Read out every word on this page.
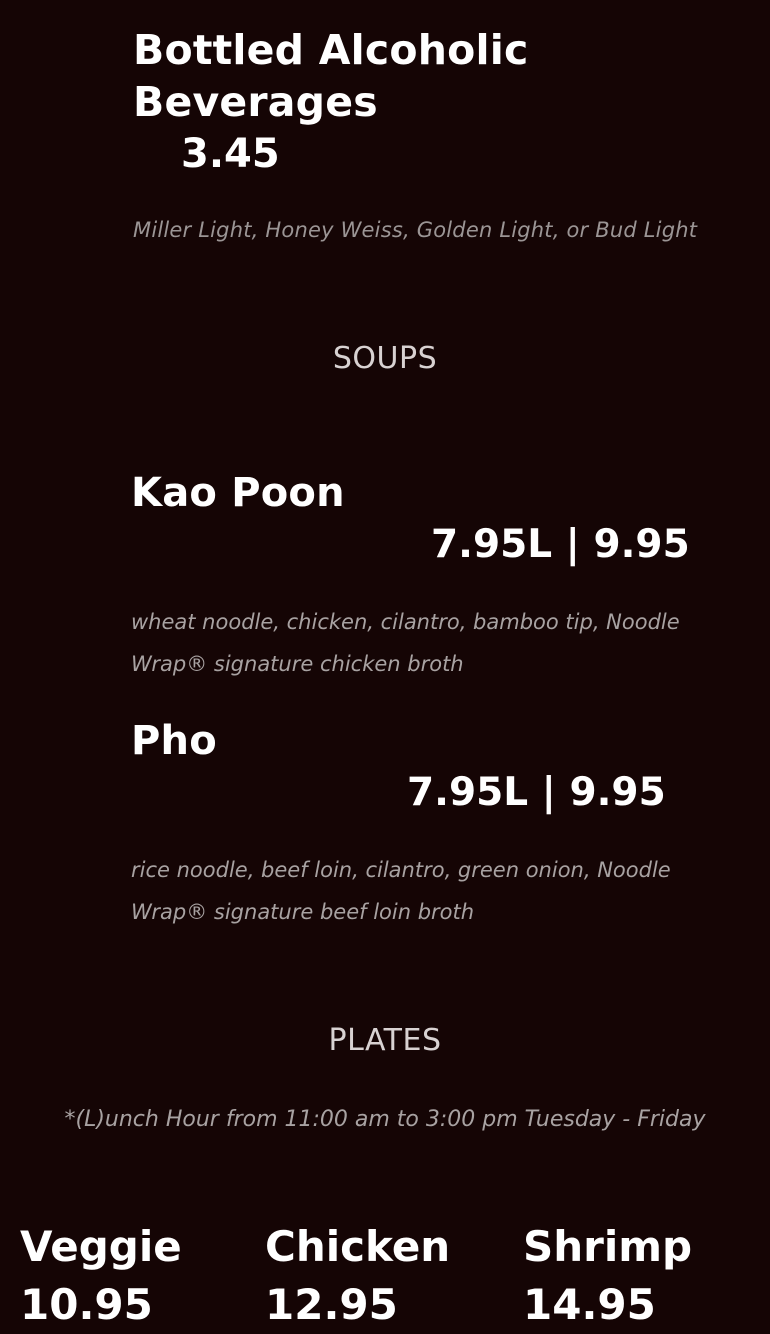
Bottled Alcoholic Beverages
3.45

Miller Light, Honey Weiss, Golden Light, or Bud Light

SOUPS
Kao Poon
7.95L | 9.95

wheat noodle, chicken, cilantro, bamboo tip, Noodle Wrap® signature chicken broth

Pho
7.95L | 9.95

rice noodle, beef loin, cilantro, green onion, Noodle Wrap® signature beef loin broth

PLATES

*(L)unch Hour from 11:00 am to 3:00 pm Tuesday - Friday

Veggie
10.95
Chicken
12.95
Shrimp
14.95
